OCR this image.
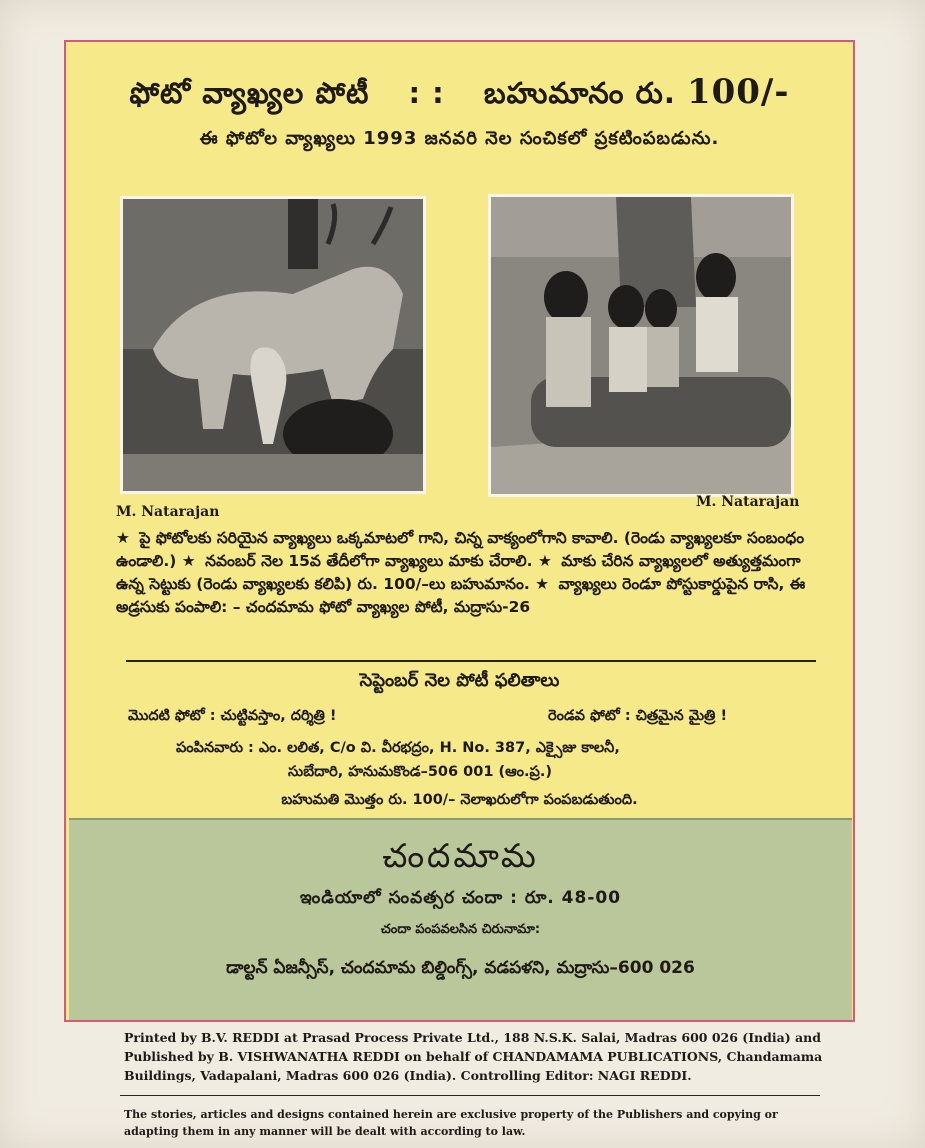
ఫోటో వ్యాఖ్యల పోటీ : : బహుమానం రు. 100/-
ఈ ఫోటోల వ్యాఖ్యలు 1993 జనవరి నెల సంచికలో ప్రకటింపబడును.
M. Natarajan
M. Natarajan
★ పై ఫోటోలకు సరియైన వ్యాఖ్యలు ఒక్కమాటలో గాని, చిన్న వాక్యంలోగాని కావాలి. (రెండు వ్యాఖ్యలకూ సంబంధం ఉండాలి.) ★ నవంబర్ నెల 15వ తేదీలోగా వ్యాఖ్యలు మాకు చేరాలి. ★ మాకు చేరిన వ్యాఖ్యలలో అత్యుత్తమంగా ఉన్న సెట్టుకు (రెండు వ్యాఖ్యలకు కలిపి) రు. 100/–లు బహుమానం. ★ వ్యాఖ్యలు రెండూ పోస్టుకార్డుపైన రాసి, ఈ అడ్రసుకు పంపాలి: – చందమామ ఫోటో వ్యాఖ్యల పోటీ, మద్రాసు-26
సెప్టెంబర్ నెల పోటీ ఫలితాలు
మొదటి ఫోటో : చుట్టివస్తాం, దర్శిత్రి !	రెండవ ఫోటో : చిత్రమైన మైత్రి !
పంపినవారు : ఎం. లలిత, C/o వి. వీరభద్రం, H. No. 387, ఎక్సైజు కాలనీ,
సుబేదారి, హనుమకొండ–506 001 (ఆం.ప్ర.)
బహుమతి మొత్తం రు. 100/– నెలాఖరులోగా పంపబడుతుంది.
చందమామ
ఇండియాలో సంవత్సర చందా : రూ. 48-00
చందా పంపవలసిన చిరునామా:
డాల్టన్ ఏజన్సీస్, చందమామ బిల్డింగ్స్, వడపళని, మద్రాసు–600 026
Printed by B.V. REDDI at Prasad Process Private Ltd., 188 N.S.K. Salai, Madras 600 026 (India) and Published by B. VISHWANATHA REDDI on behalf of CHANDAMAMA PUBLICATIONS, Chandamama Buildings, Vadapalani, Madras 600 026 (India). Controlling Editor: NAGI REDDI.
The stories, articles and designs contained herein are exclusive property of the Publishers and copying or adapting them in any manner will be dealt with according to law.
